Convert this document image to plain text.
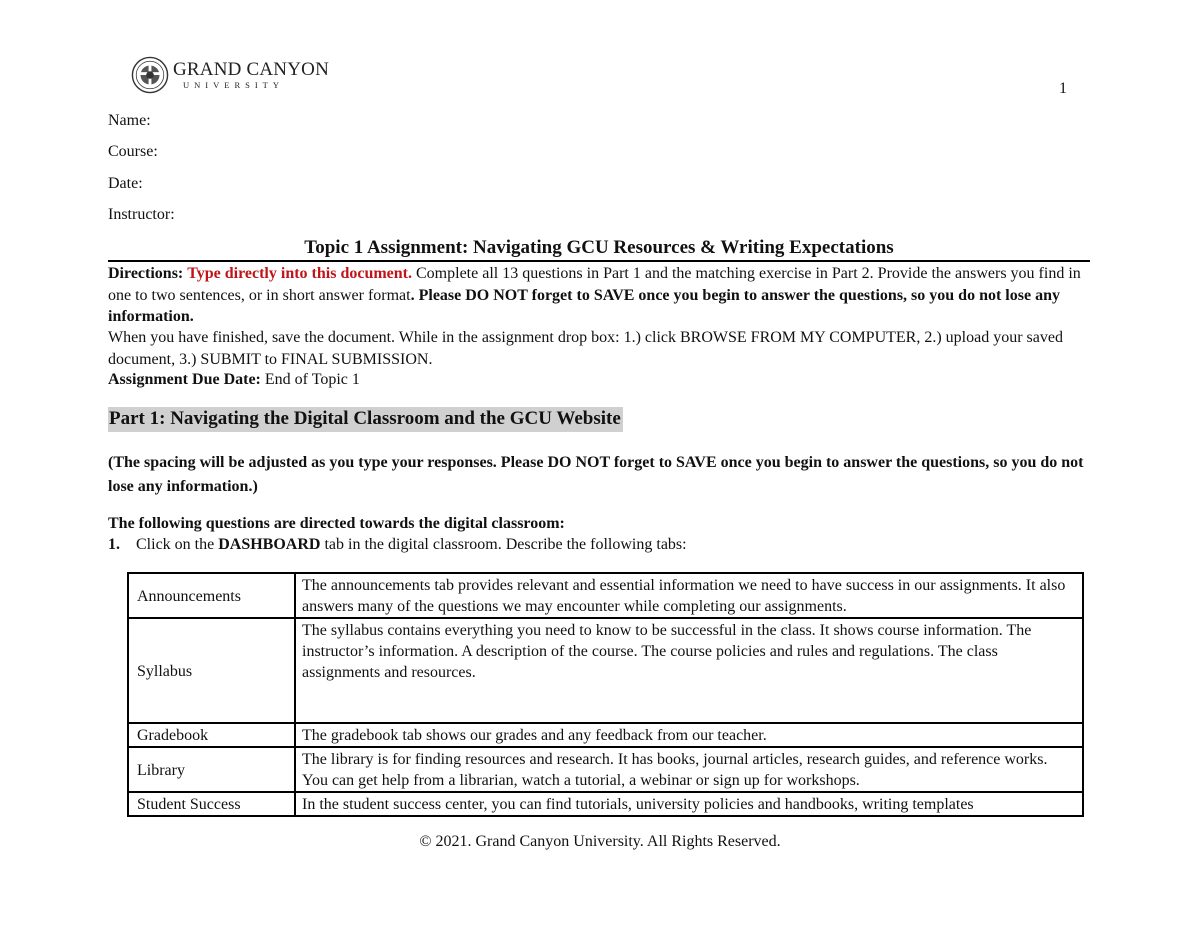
GRAND CANYON
UNIVERSITY	1
Name:
Course:
Date:
Instructor:
Topic 1 Assignment: Navigating GCU Resources & Writing Expectations
Directions: Type directly into this document. Complete all 13 questions in Part 1 and the matching exercise in Part 2. Provide the answers you find in one to two sentences, or in short answer format. Please DO NOT forget to SAVE once you begin to answer the questions, so you do not lose any information.
When you have finished, save the document. While in the assignment drop box: 1.) click BROWSE FROM MY COMPUTER, 2.) upload your saved document, 3.) SUBMIT to FINAL SUBMISSION.
Assignment Due Date: End of Topic 1
Part 1: Navigating the Digital Classroom and the GCU Website
(The spacing will be adjusted as you type your responses. Please DO NOT forget to SAVE once you begin to answer the questions, so you do not lose any information.)
The following questions are directed towards the digital classroom:
1. Click on the DASHBOARD tab in the digital classroom. Describe the following tabs:
Announcements	The announcements tab provides relevant and essential information we need to have success in our assignments. It also answers many of the questions we may encounter while completing our assignments.
Syllabus	The syllabus contains everything you need to know to be successful in the class. It shows course information. The instructor’s information. A description of the course. The course policies and rules and regulations. The class assignments and resources.
Gradebook	The gradebook tab shows our grades and any feedback from our teacher.
Library	The library is for finding resources and research. It has books, journal articles, research guides, and reference works. You can get help from a librarian, watch a tutorial, a webinar or sign up for workshops.
Student Success	In the student success center, you can find tutorials, university policies and handbooks, writing templates
© 2021. Grand Canyon University. All Rights Reserved.
